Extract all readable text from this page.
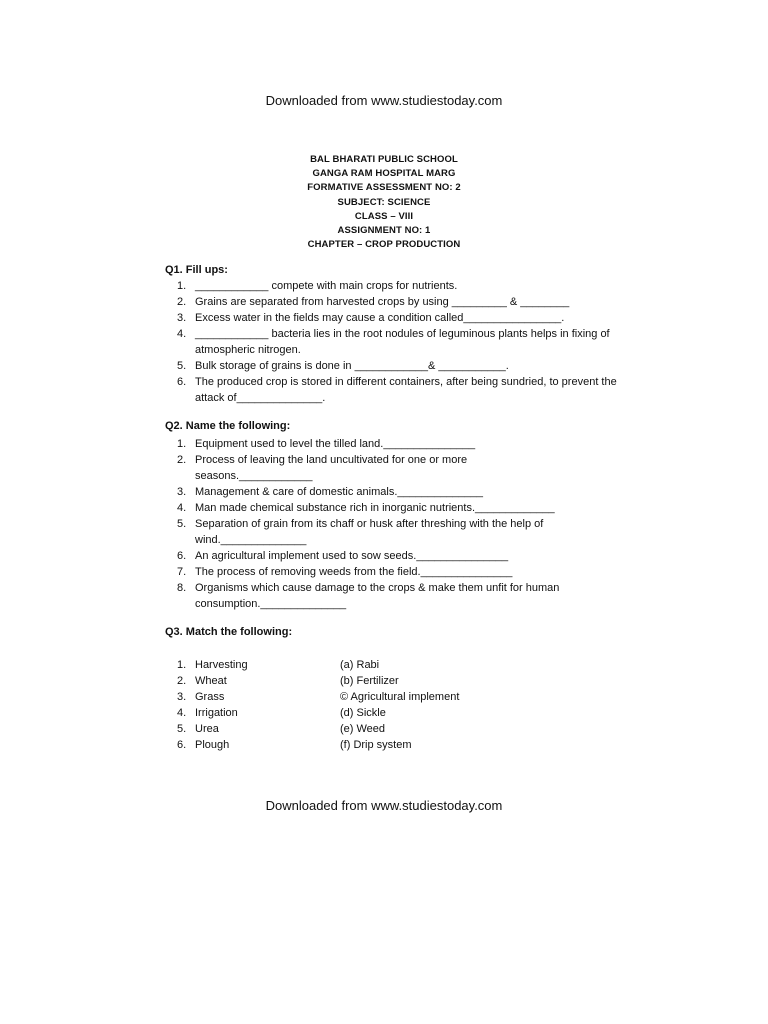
Downloaded from www.studiestoday.com
BAL BHARATI PUBLIC SCHOOL
GANGA RAM HOSPITAL MARG
FORMATIVE ASSESSMENT NO: 2
SUBJECT: SCIENCE
CLASS – VIII
ASSIGNMENT NO: 1
CHAPTER – CROP PRODUCTION
Q1. Fill ups:
1. ____________ compete with main crops for nutrients.
2. Grains are separated from harvested crops by using _________ & ________
3. Excess water in the fields may cause a condition called________________.
4. ____________ bacteria lies in the root nodules of leguminous plants helps in fixing of atmospheric nitrogen.
5. Bulk storage of grains is done in ____________& ___________.
6. The produced crop is stored in different containers, after being sundried, to prevent the attack of______________.
Q2. Name the following:
1. Equipment used to level the tilled land._______________
2. Process of leaving the land uncultivated for one or more seasons.____________
3. Management & care of domestic animals.______________
4. Man made chemical substance rich in inorganic nutrients._____________
5. Separation of grain from its chaff or husk after threshing with the help of wind.______________
6. An agricultural implement used to sow seeds._______________
7. The process of removing weeds from the field._______________
8. Organisms which cause damage to the crops & make them unfit for human consumption.______________
Q3. Match the following:
1.	Harvesting	(a) Rabi
2.	Wheat	(b) Fertilizer
3.	Grass	© Agricultural implement
4.	Irrigation	(d) Sickle
5.	Urea	(e) Weed
6.	Plough	(f) Drip system
Downloaded from www.studiestoday.com
